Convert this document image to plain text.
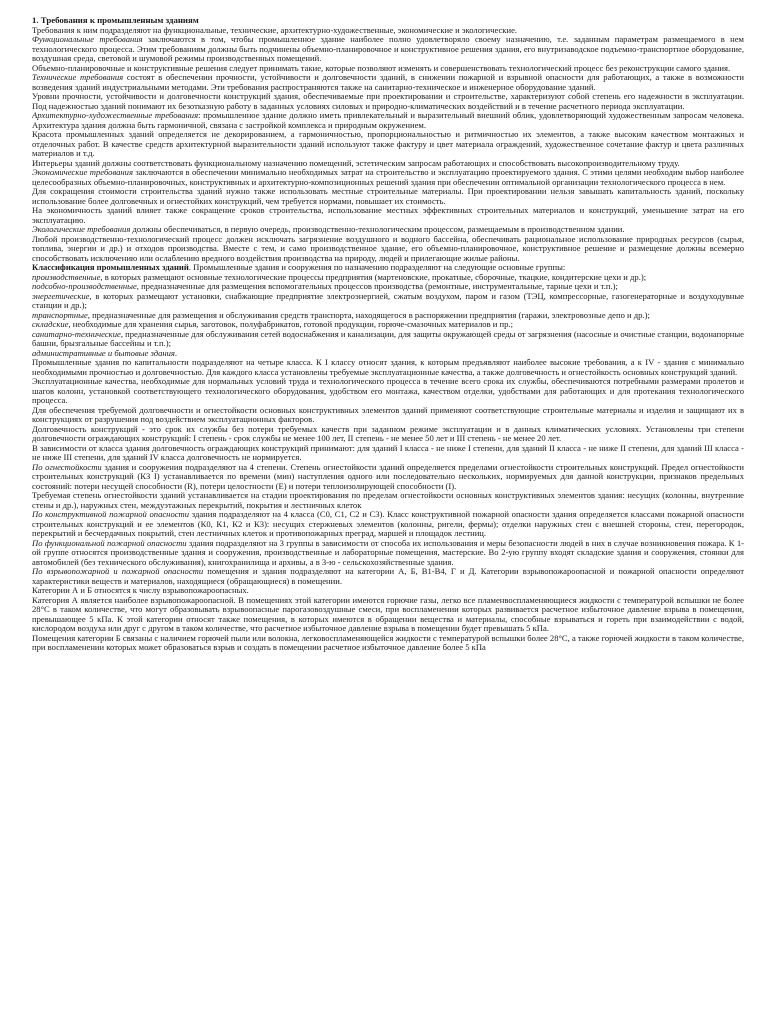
1. Требования к промышленным зданиям

Требования к ним подразделяют на функциональные, технические, архитектурно-художественные, экономические и экологические.

Функциональные требования заключаются в том, чтобы промышленное здание наиболее полно удовлетворяло своему назначению, т.е. заданным параметрам размещаемого в нем технологического процесса. Этим требованиям должны быть подчинены объемно-планировочное и конструктивное решения здания, его внутризаводское подъемно-транспортное оборудование, воздушная среда, световой и шумовой режимы производственных помещений.

Объемно-планировочные и конструктивные решения следует принимать такие, которые позволяют изменять и совершенствовать технологический процесс без реконструкции самого здания.

Технические требования состоят в обеспечении прочности, устойчивости и долговечности зданий, в снижении пожарной и взрывной опасности для работающих, а также в возможности возведения зданий индустриальными методами. Эти требования распространяются также на санитарно-техническое и инженерное оборудование зданий.

Уровни прочности, устойчивости и долговечности конструкций здания, обеспечиваемые при проектировании и строительстве, характеризуют собой степень его надежности в эксплуатации. Под надежностью зданий понимают их безотказную работу в заданных условиях силовых и природно-климатических воздействий и в течение расчетного периода эксплуатации.

Архитектурно-художественные требования: промышленное здание должно иметь привлекательный и выразительный внешний облик, удовлетворяющий художественным запросам человека. Архитектура здания должна быть гармоничной, связана с застройкой комплекса и природным окружением.

Красота промышленных зданий определяется не декорированием, а гармоничностью, пропорциональностью и ритмичностью их элементов, а также высоким качеством монтажных и отделочных работ. В качестве средств архитектурной выразительности зданий используют также фактуру и цвет материала ограждений, художественное сочетание фактур и цвета различных материалов и т.д.

Интерьеры зданий должны соответствовать функциональному назначению помещений, эстетическим запросам работающих и способствовать высокопроизводительному труду.

Экономические требования заключаются в обеспечении минимально необходимых затрат на строительство и эксплуатацию проектируемого здания. С этими целями необходим выбор наиболее целесообразных объемно-планировочных, конструктивных и архитектурно-композиционных решений здания при обеспечении оптимальной организации технологического процесса в нем.

Для сокращения стоимости строительства зданий нужно также использовать местные строительные материалы. При проектировании нельзя завышать капитальность зданий, поскольку использование более долговечных и огнестойких конструкций, чем требуется нормами, повышает их стоимость.

На экономичность зданий влияет также сокращение сроков строительства, использование местных эффективных строительных материалов и конструкций, уменьшение затрат на его эксплуатацию.

Экологические требования должны обеспечиваться, в первую очередь, производственно-технологическим процессом, размещаемым в производственном здании.

Любой производственно-технологический процесс должен исключать загрязнение воздушного и водного бассейна, обеспечивать рациональное использование природных ресурсов (сырья, топлива, энергии и др.) и отходов производства. Вместе с тем, и само производственное здание, его объемно-планировочное, конструктивное решение и размещение должны всемерно способствовать исключению или ослаблению вредного воздействия производства на природу, людей и прилегающие жилые районы.

Классификация промышленных зданий. Промышленные здания и сооружения по назначению подразделяют на следующие основные группы:

производственные, в которых размещают основные технологические процессы предприятия (мартеновские, прокатные, сборочные, ткацкие, кондитерские цехи и др.);

подсобно-производственные, предназначенные для размещения вспомогательных процессов производства (ремонтные, инструментальные, тарные цехи и т.п.);

энергетические, в которых размещают установки, снабжающие предприятие электроэнергией, сжатым воздухом, паром и газом (ТЭЦ, компрессорные, газогенераторные и воздуходувные станции и др.);

транспортные, предназначенные для размещения и обслуживания средств транспорта, находящегося в распоряжении предприятия (гаражи, электровозные депо и др.);

складские, необходимые для хранения сырья, заготовок, полуфабрикатов, готовой продукции, горюче-смазочных материалов и пр.;

санитарно-технические, предназначенные для обслуживания сетей водоснабжения и канализации, для защиты окружающей среды от загрязнения (насосные и очистные станции, водонапорные башни, брызгальные бассейны и т.п.);

административные и бытовые здания.

Промышленные здания по капитальности подразделяют на четыре класса. К I классу относят здания, к которым предъявляют наиболее высокие требования, а к IV - здания с минимально необходимыми прочностью и долговечностью. Для каждого класса установлены требуемые эксплуатационные качества, а также долговечность и огнестойкость основных конструкций зданий.

Эксплуатационные качества, необходимые для нормальных условий труда и технологического процесса в течение всего срока их службы, обеспечиваются потребными размерами пролетов и шагов колонн, установкой соответствующего технологического оборудования, удобством его монтажа, качеством отделки, удобствами для работающих и для протекания технологического процесса.

Для обеспечения требуемой долговечности и огнестойкости основных конструктивных элементов зданий применяют соответствующие строительные материалы и изделия и защищают их в конструкциях от разрушения под воздействием эксплуатационных факторов.

Долговечность конструкций - это срок их службы без потери требуемых качеств при заданном режиме эксплуатации и в данных климатических условиях. Установлены три степени долговечности ограждающих конструкций: I степень - срок службы не менее 100 лет, II степень - не менее 50 лет и III степень - не менее 20 лет.

В зависимости от класса здания долговечность ограждающих конструкций принимают: для зданий I класса - не ниже I степени, для зданий II класса - не ниже II степени, для зданий III класса - не ниже III степени, для зданий IV класса долговечность не нормируется.

По огнестойкости здания и сооружения подразделяют на 4 степени. Степень огнестойкости зданий определяется пределами огнестойкости строительных конструкций. Предел огнестойкости строительных конструкций (КЗ I) устанавливается по времени (мин) наступления одного или последовательно нескольких, нормируемых для данной конструкции, признаков предельных состояний: потери несущей способности (R), потери целостности (E) и потери теплоизолирующей способности (I).

Требуемая степень огнестойкости зданий устанавливается на стадии проектирования по пределам огнестойкости основных конструктивных элементов здания: несущих (колонны, внутренние стены и др.), наружных стен, междуэтажных перекрытий, покрытия и лестничных клеток

По конструктивной пожарной опасности здания подразделяют на 4 класса (С0, С1, С2 и С3). Класс конструктивной пожарной опасности здания определяется классами пожарной опасности строительных конструкций и ее элементов (К0, К1, К2 и К3): несущих стержневых элементов (колонны, ригели, фермы); отделки наружных стен с внешней стороны, стен, перегородок, перекрытий и бесчердачных покрытий, стен лестничных клеток и противопожарных преград, маршей и площадок лестниц.

По функциональной пожарной опасности здания подразделяют на 3 группы в зависимости от способа их использования и меры безопасности людей в них в случае возникновения пожара. К 1-ой группе относятся производственные здания и сооружения, производственные и лабораторные помещения, мастерские. Во 2-ую группу входят складские здания и сооружения, стоянки для автомобилей (без технического обслуживания), книгохранилища и архивы, а в 3-ю - сельскохозяйственные здания.

По взрывопожарной и пожарной опасности помещения и здания подразделяют на категории А, Б, В1-В4, Г и Д. Категории взрывопожароопасной и пожарной опасности определяют характеристики веществ и материалов, находящиеся (обращающиеся) в помещении.

Категории А и Б относятся к числу взрывопожароопасных.

Категория А является наиболее взрывопожароопасной. В помещениях этой категории имеются горючие газы, легко все пламенвоспламеняющиеся жидкости с температурой вспышки не более 28°С в таком количестве, что могут образовывать взрывоопасные парогазовоздушные смеси, при воспламенении которых развивается расчетное избыточное давление взрыва в помещении, превышающее 5 кПа. К этой категории относят также помещения, в которых имеются в обращении вещества и материалы, способные взрываться и гореть при взаимодействии с водой, кислородом воздуха или друг с другом в таком количестве, что расчетное избыточное давление взрыва в помещении будет превышать 5 кПа.

Помещения категории Б связаны с наличием горючей пыли или волокна, легковоспламеняющейся жидкости с температурой вспышки более 28°С, а также горючей жидкости в таком количестве, при воспламенении которых может образоваться взрыв и создать в помещении расчетное избыточное давление более 5 кПа
